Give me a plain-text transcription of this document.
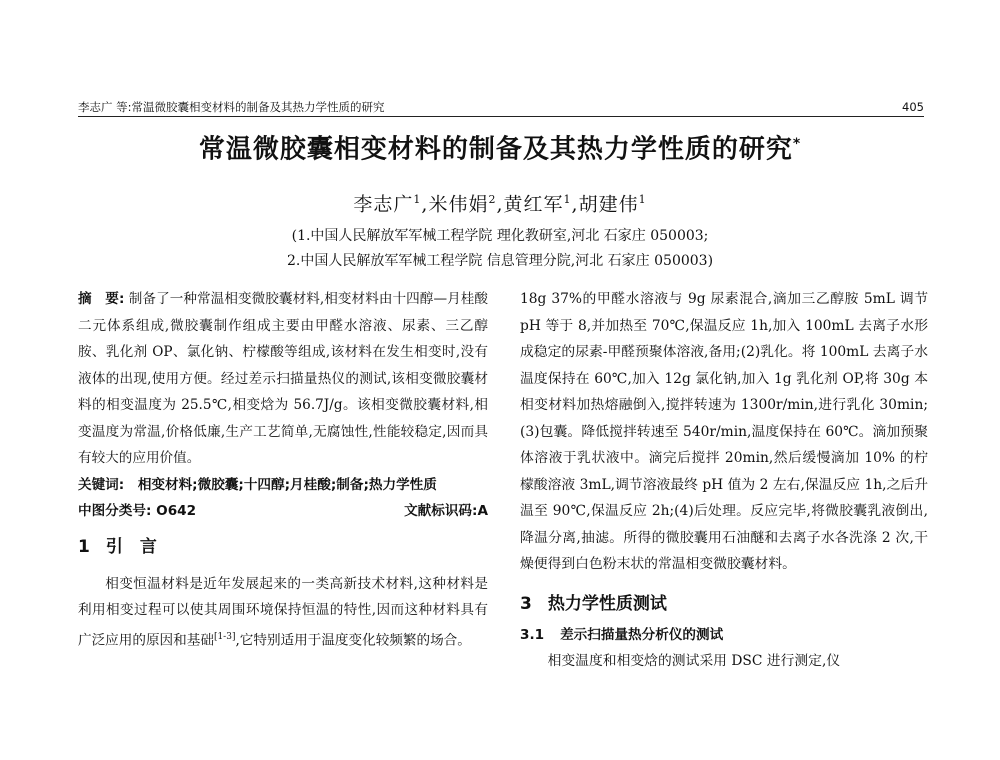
李志广 等:常温微胶囊相变材料的制备及其热力学性质的研究	405
常温微胶囊相变材料的制备及其热力学性质的研究*
李志广$^1$,米伟娟$^2$,黄红军$^1$,胡建伟$^1$
(1.中国人民解放军军械工程学院 理化教研室,河北 石家庄 050003;
2.中国人民解放军军械工程学院 信息管理分院,河北 石家庄 050003)

摘　要: 制备了一种常温相变微胶囊材料,相变材料由十四醇—月桂酸二元体系组成,微胶囊制作组成主要由甲醛水溶液、尿素、三乙醇胺、乳化剂 OP、氯化钠、柠檬酸等组成,该材料在发生相变时,没有液体的出现,使用方便。经过差示扫描量热仪的测试,该相变微胶囊材料的相变温度为 25.5℃,相变焓为 56.7J/g。该相变微胶囊材料,相变温度为常温,价格低廉,生产工艺简单,无腐蚀性,性能较稳定,因而具有较大的应用价值。

关键词:　 相变材料;微胶囊;十四醇;月桂酸;制备;热力学性质

中图分类号: O642	文献标识码:A
1 引　言

相变恒温材料是近年发展起来的一类高新技术材料,这种材料是利用相变过程可以使其周围环境保持恒温的特性,因而这种材料具有广泛应用的原因和基础[1-3],它特别适用于温度变化较频繁的场合。

18g 37%的甲醛水溶液与 9g 尿素混合,滴加三乙醇胺 5mL 调节 pH 等于 8,并加热至 70℃,保温反应 1h,加入 100mL 去离子水形成稳定的尿素-甲醛预聚体溶液,备用;(2)乳化。将 100mL 去离子水温度保持在 60℃,加入 12g 氯化钠,加入 1g 乳化剂 OP,将 30g 本相变材料加热熔融倒入,搅拌转速为 1300r/min,进行乳化 30min;(3)包囊。降低搅拌转速至 540r/min,温度保持在 60℃。滴加预聚体溶液于乳状液中。滴完后搅拌 20min,然后缓慢滴加 10% 的柠檬酸溶液 3mL,调节溶液最终 pH 值为 2 左右,保温反应 1h,之后升温至 90℃,保温反应 2h;(4)后处理。反应完毕,将微胶囊乳液倒出,降温分离,抽滤。所得的微胶囊用石油醚和去离子水各洗涤 2 次,干燥便得到白色粉末状的常温相变微胶囊材料。

3 热力学性质测试

3.1 差示扫描量热分析仪的测试

相变温度和相变焓的测试采用 DSC 进行测定,仪
